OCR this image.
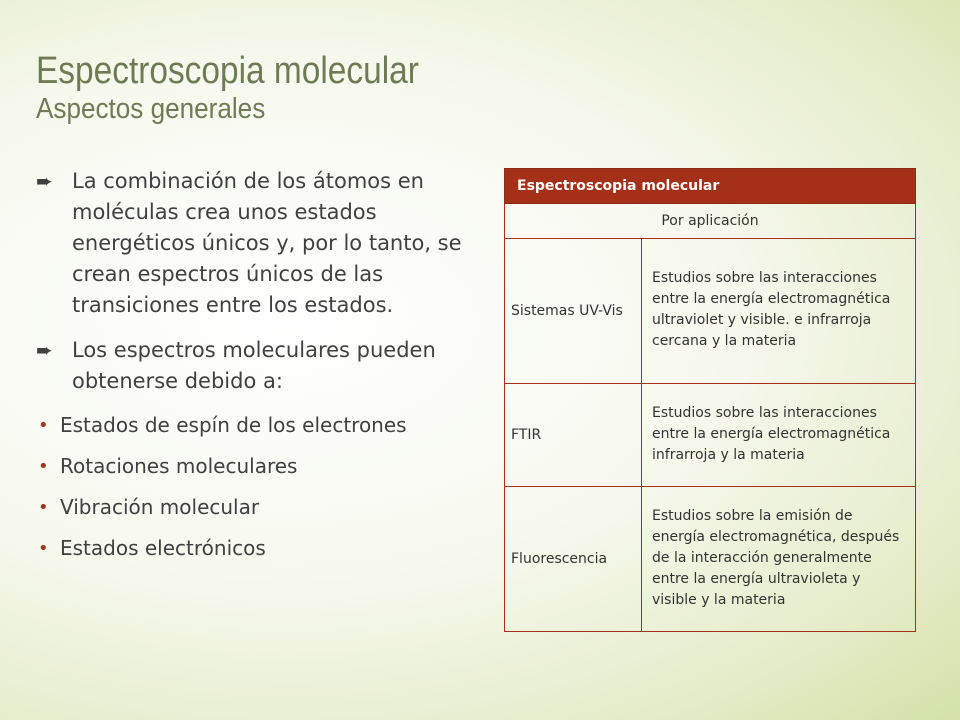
Espectroscopia molecular
Aspectos generales
➨ La combinación de los átomos en moléculas crea unos estados energéticos únicos y, por lo tanto, se crean espectros únicos de las transiciones entre los estados.
➨ Los espectros moleculares pueden obtenerse debido a:
• Estados de espín de los electrones
• Rotaciones moleculares
• Vibración molecular
• Estados electrónicos
Espectroscopia molecular	
Por aplicación	
Sistemas UV-Vis	Estudios sobre las interacciones entre la energía electromagnética ultraviolet y visible. e infrarroja cercana y la materia
FTIR	Estudios sobre las interacciones entre la energía electromagnética infrarroja y la materia
Fluorescencia	Estudios sobre la emisión de energía electromagnética, después de la interacción generalmente entre la energía ultravioleta y visible y la materia
